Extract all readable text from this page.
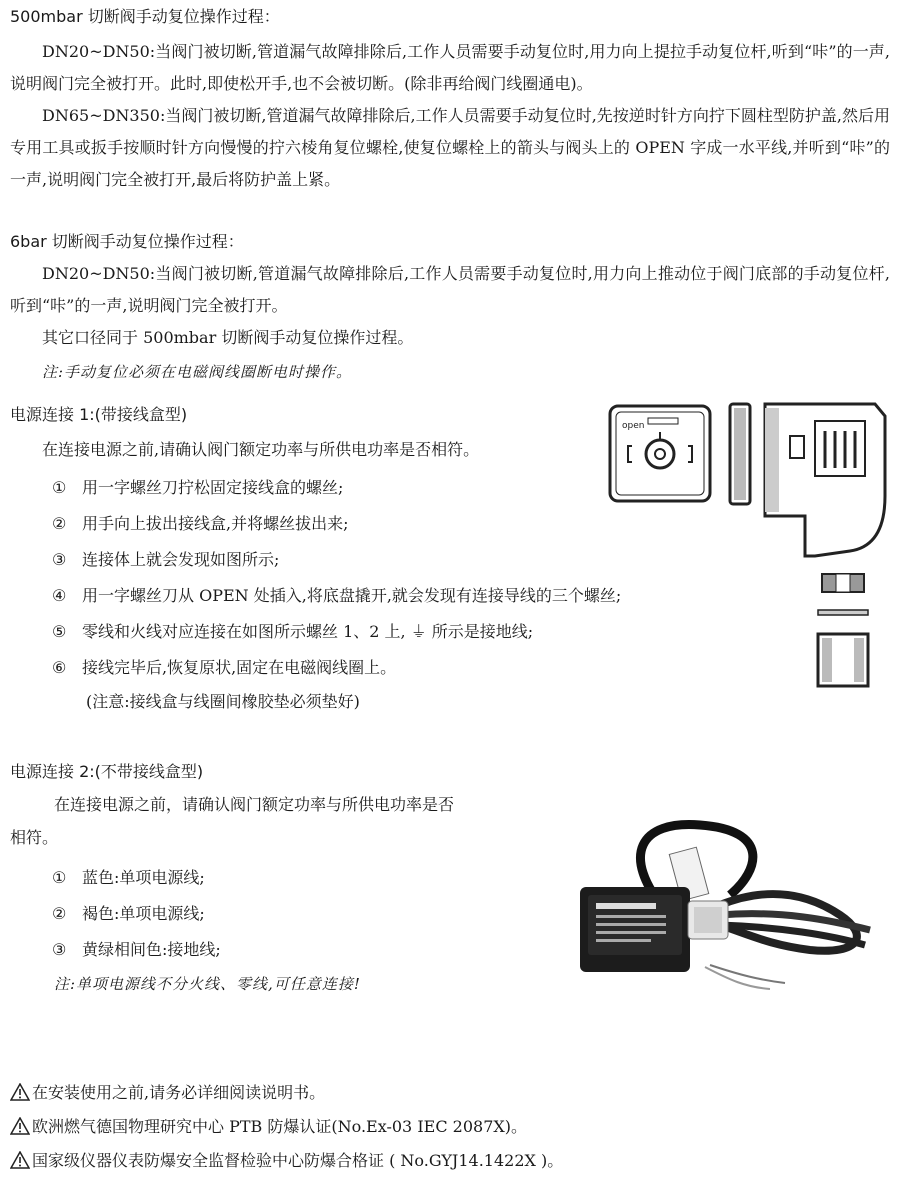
500mbar 切断阀手动复位操作过程：
DN20~DN50:当阀门被切断,管道漏气故障排除后,工作人员需要手动复位时,用力向上提拉手动复位杆,听到“咔”的一声,说明阀门完全被打开。此时,即使松开手,也不会被切断。(除非再给阀门线圈通电)。
DN65~DN350:当阀门被切断,管道漏气故障排除后,工作人员需要手动复位时,先按逆时针方向拧下圆柱型防护盖,然后用专用工具或扳手按顺时针方向慢慢的拧六棱角复位螺栓,使复位螺栓上的箭头与阀头上的 OPEN 字成一水平线,并听到“咔”的一声,说明阀门完全被打开,最后将防护盖上紧。
6bar 切断阀手动复位操作过程：
DN20~DN50:当阀门被切断,管道漏气故障排除后,工作人员需要手动复位时,用力向上推动位于阀门底部的手动复位杆,听到“咔”的一声,说明阀门完全被打开。
其它口径同于 500mbar 切断阀手动复位操作过程。
注:手动复位必须在电磁阀线圈断电时操作。
电源连接 1:(带接线盒型)
在连接电源之前,请确认阀门额定功率与所供电功率是否相符。
① 用一字螺丝刀拧松固定接线盒的螺丝;
② 用手向上拔出接线盒,并将螺丝拔出来;
③ 连接体上就会发现如图所示;
④ 用一字螺丝刀从 OPEN 处插入,将底盘撬开,就会发现有连接导线的三个螺丝;
⑤ 零线和火线对应连接在如图所示螺丝 1、2 上, ⏚ 所示是接地线;
⑥ 接线完毕后,恢复原状,固定在电磁阀线圈上。
(注意:接线盒与线圈间橡胶垫必须垫好)
open
电源连接 2:(不带接线盒型)
在连接电源之前，请确认阀门额定功率与所供电功率是否
相符。
① 蓝色:单项电源线;
② 褐色:单项电源线;
③ 黄绿相间色:接地线;
注:单项电源线不分火线、零线,可任意连接!
在安装使用之前,请务必详细阅读说明书。
欧洲燃气德国物理研究中心 PTB 防爆认证(No.Ex-03 IEC 2087X)。
国家级仪器仪表防爆安全监督检验中心防爆合格证 ( No.GYJ14.1422X )。
